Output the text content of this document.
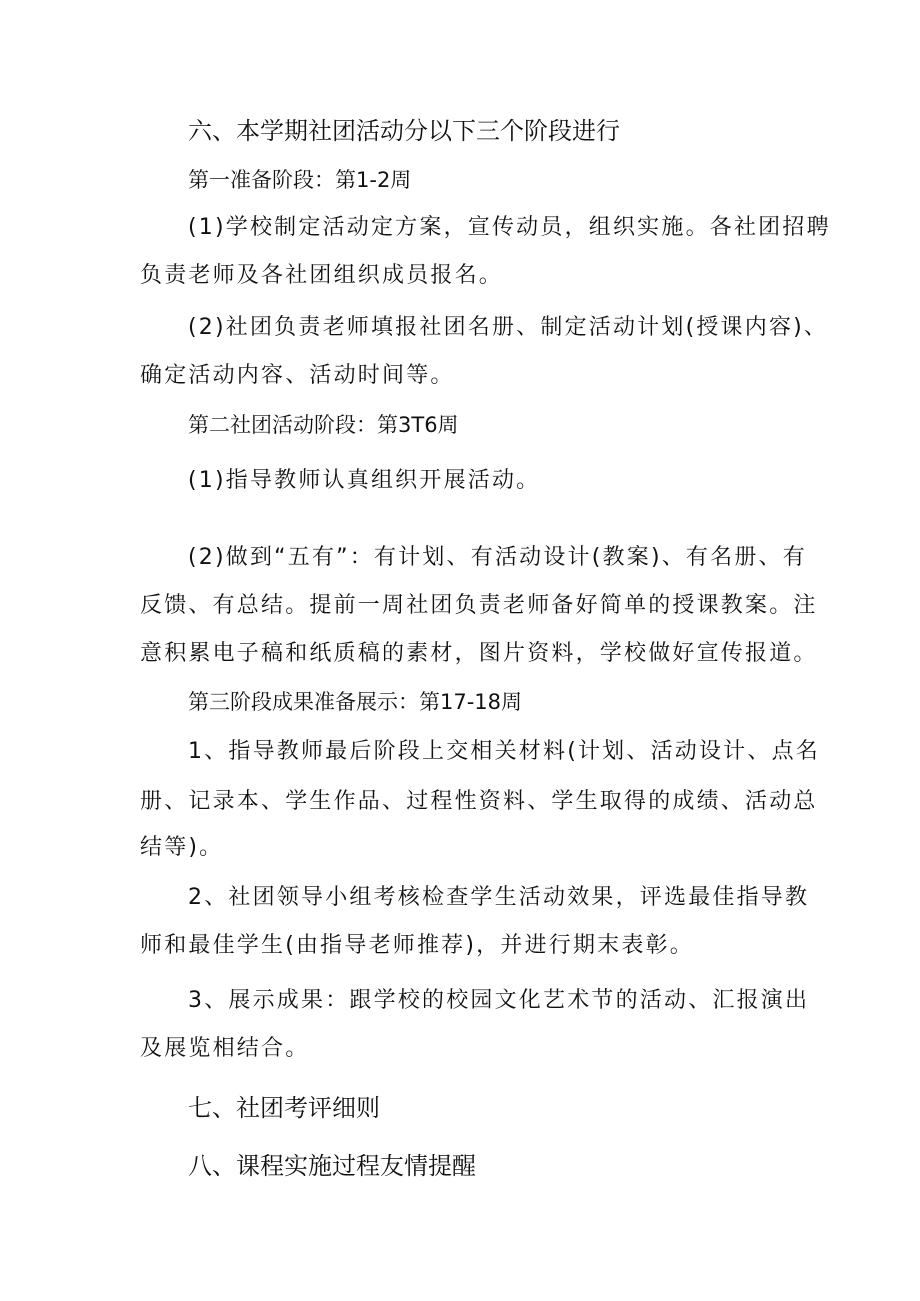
六、本学期社团活动分以下三个阶段进行
第一准备阶段：第1-2周
(1)学校制定活动定方案，宣传动员，组织实施。各社团招聘
负责老师及各社团组织成员报名。
(2)社团负责老师填报社团名册、制定活动计划(授课内容)、
确定活动内容、活动时间等。
第二社团活动阶段：第3T6周
(1)指导教师认真组织开展活动。
(2)做到“五有”：有计划、有活动设计(教案)、有名册、有
反馈、有总结。提前一周社团负责老师备好简单的授课教案。注
意积累电子稿和纸质稿的素材，图片资料，学校做好宣传报道。
第三阶段成果准备展示：第17-18周
1、指导教师最后阶段上交相关材料(计划、活动设计、点名
册、记录本、学生作品、过程性资料、学生取得的成绩、活动总
结等)。
2、社团领导小组考核检查学生活动效果，评选最佳指导教
师和最佳学生(由指导老师推荐)，并进行期末表彰。
3、展示成果：跟学校的校园文化艺术节的活动、汇报演出
及展览相结合。
七、社团考评细则
八、课程实施过程友情提醒
